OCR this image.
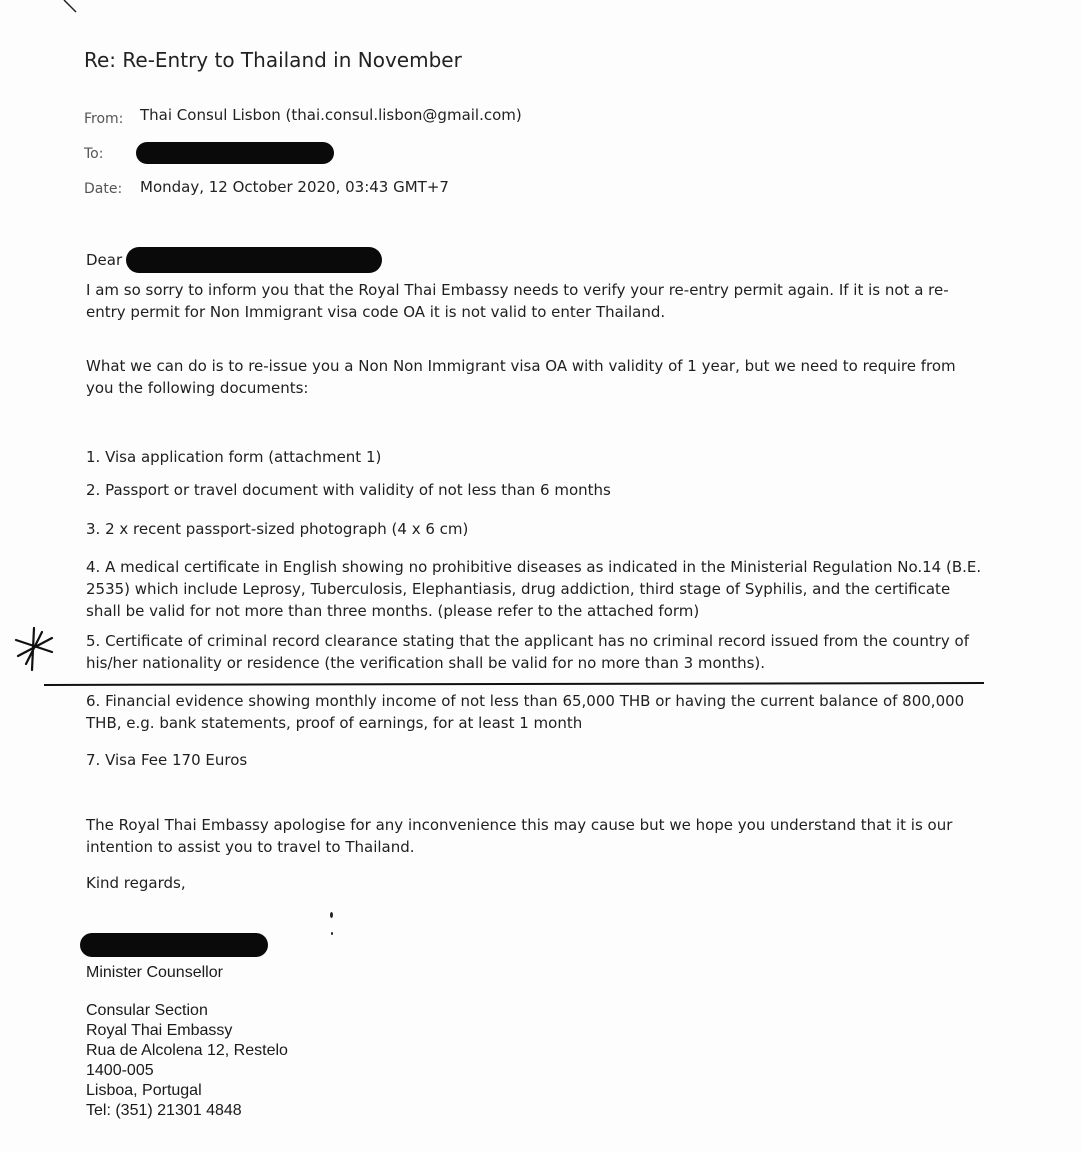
Re: Re-Entry to Thailand in November
From: Thai Consul Lisbon (thai.consul.lisbon@gmail.com)
To:
Date: Monday, 12 October 2020, 03:43 GMT+7
Dear
I am so sorry to inform you that the Royal Thai Embassy needs to verify your re-entry permit again. If it is not a re-entry permit for Non Immigrant visa code OA it is not valid to enter Thailand.
What we can do is to re-issue you a Non Non Immigrant visa OA with validity of 1 year, but we need to require from you the following documents:
1. Visa application form (attachment 1)
2. Passport or travel document with validity of not less than 6 months
3. 2 x recent passport-sized photograph (4 x 6 cm)
4. A medical certificate in English showing no prohibitive diseases as indicated in the Ministerial Regulation No.14 (B.E. 2535) which include Leprosy, Tuberculosis, Elephantiasis, drug addiction, third stage of Syphilis, and the certificate shall be valid for not more than three months. (please refer to the attached form)
5. Certificate of criminal record clearance stating that the applicant has no criminal record issued from the country of his/her nationality or residence (the verification shall be valid for no more than 3 months).
6. Financial evidence showing monthly income of not less than 65,000 THB or having the current balance of 800,000 THB, e.g. bank statements, proof of earnings, for at least 1 month
7. Visa Fee 170 Euros
The Royal Thai Embassy apologise for any inconvenience this may cause but we hope you understand that it is our intention to assist you to travel to Thailand.
Kind regards,
Minister Counsellor
Consular Section
Royal Thai Embassy
Rua de Alcolena 12, Restelo
1400-005
Lisboa, Portugal
Tel: (351) 21301 4848
